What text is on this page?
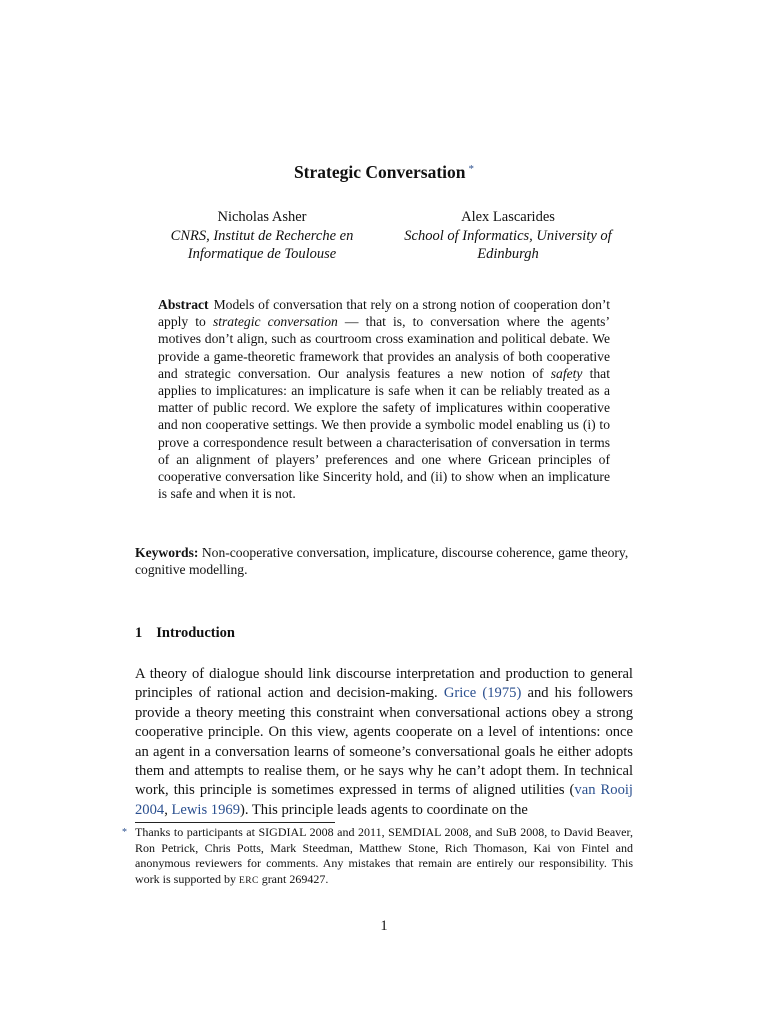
Strategic Conversation *
Nicholas Asher
CNRS, Institut de Recherche en Informatique de Toulouse
Alex Lascarides
School of Informatics, University of Edinburgh
Abstract Models of conversation that rely on a strong notion of cooperation don’t apply to strategic conversation — that is, to conversation where the agents’ motives don’t align, such as courtroom cross examination and political debate. We provide a game-theoretic framework that provides an analysis of both cooperative and strategic conversation. Our analysis features a new notion of safety that applies to implicatures: an implicature is safe when it can be reliably treated as a matter of public record. We explore the safety of implicatures within cooperative and non cooperative settings. We then provide a symbolic model enabling us (i) to prove a correspondence result between a characterisation of conversation in terms of an alignment of players’ preferences and one where Gricean principles of cooperative conversation like Sincerity hold, and (ii) to show when an implicature is safe and when it is not.
Keywords: Non-cooperative conversation, implicature, discourse coherence, game theory, cognitive modelling.
1 Introduction
A theory of dialogue should link discourse interpretation and production to general principles of rational action and decision-making. Grice (1975) and his followers provide a theory meeting this constraint when conversational actions obey a strong cooperative principle. On this view, agents cooperate on a level of intentions: once an agent in a conversation learns of someone’s conversational goals he either adopts them and attempts to realise them, or he says why he can’t adopt them. In technical work, this principle is sometimes expressed in terms of aligned utilities (van Rooij 2004, Lewis 1969). This principle leads agents to coordinate on the
* Thanks to participants at SIGDIAL 2008 and 2011, SEMDIAL 2008, and SuB 2008, to David Beaver, Ron Petrick, Chris Potts, Mark Steedman, Matthew Stone, Rich Thomason, Kai von Fintel and anonymous reviewers for comments. Any mistakes that remain are entirely our responsibility. This work is supported by ERC grant 269427.
1
